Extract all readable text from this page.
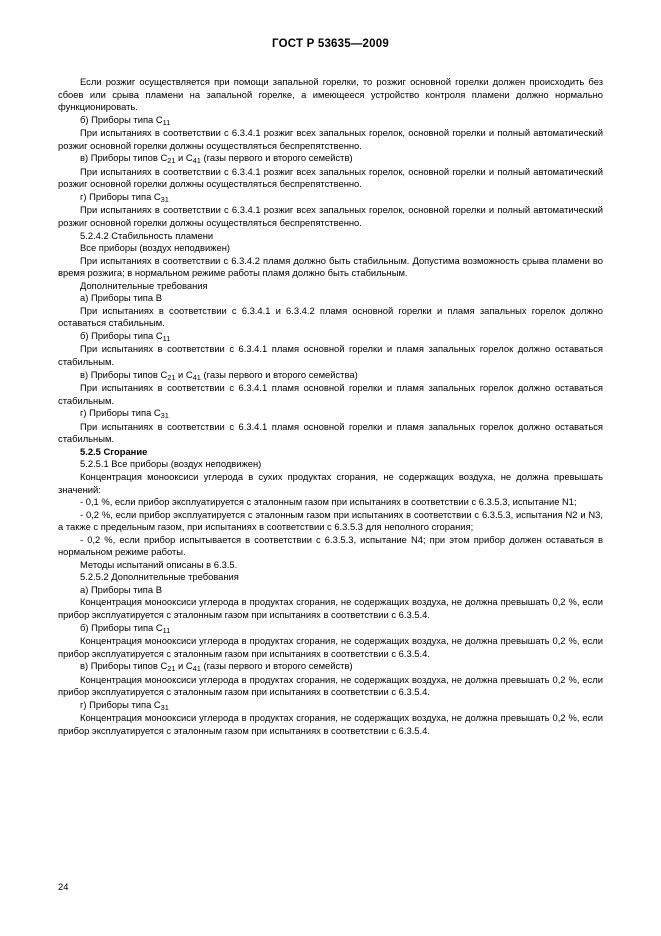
ГОСТ Р 53635—2009
Если розжиг осуществляется при помощи запальной горелки, то розжиг основной горелки должен происходить без сбоев или срыва пламени на запальной горелке, а имеющееся устройство контроля пламени должно нормально функционировать.
б) Приборы типа $C_{11}$
При испытаниях в соответствии с 6.3.4.1 розжиг всех запальных горелок, основной горелки и полный автоматический розжиг основной горелки должны осуществляться беспрепятственно.
в) Приборы типов $C_{21}$ и $C_{41}$ (газы первого и второго семейств)
При испытаниях в соответствии с 6.3.4.1 розжиг всех запальных горелок, основной горелки и полный автоматический розжиг основной горелки должны осуществляться беспрепятственно.
г) Приборы типа $C_{31}$
При испытаниях в соответствии с 6.3.4.1 розжиг всех запальных горелок, основной горелки и полный автоматический розжиг основной горелки должны осуществляться беспрепятственно.
5.2.4.2 Стабильность пламени
Все приборы (воздух неподвижен)
При испытаниях в соответствии с 6.3.4.2 пламя должно быть стабильным. Допустима возможность срыва пламени во время розжига; в нормальном режиме работы пламя должно быть стабильным.
Дополнительные требования
а) Приборы типа B
При испытаниях в соответствии с 6.3.4.1 и 6.3.4.2 пламя основной горелки и пламя запальных горелок должно оставаться стабильным.
б) Приборы типа $C_{11}$
При испытаниях в соответствии с 6.3.4.1 пламя основной горелки и пламя запальных горелок должно оставаться стабильным.
в) Приборы типов $C_{21}$ и $C_{41}$ (газы первого и второго семейства)
При испытаниях в соответствии с 6.3.4.1 пламя основной горелки и пламя запальных горелок должно оставаться стабильным.
г) Приборы типа $C_{31}$
При испытаниях в соответствии с 6.3.4.1 пламя основной горелки и пламя запальных горелок должно оставаться стабильным.
5.2.5 Сгорание
5.2.5.1 Все приборы (воздух неподвижен)
Концентрация монооксиси углерода в сухих продуктах сгорания, не содержащих воздуха, не должна превышать значений:
- 0,1 %, если прибор эксплуатируется с эталонным газом при испытаниях в соответствии с 6.3.5.3, испытание N1;
- 0,2 %, если прибор эксплуатируется с эталонным газом при испытаниях в соответствии с 6.3.5.3, испытания N2 и N3, а также с предельным газом, при испытаниях в соответствии с 6.3.5.3 для неполного сгорания;
- 0,2 %, если прибор испытывается в соответствии с 6.3.5.3, испытание N4; при этом прибор должен оставаться в нормальном режиме работы.
Методы испытаний описаны в 6.3.5.
5.2.5.2 Дополнительные требования
а) Приборы типа B
Концентрация монооксиси углерода в продуктах сгорания, не содержащих воздуха, не должна превышать 0,2 %, если прибор эксплуатируется с эталонным газом при испытаниях в соответствии с 6.3.5.4.
б) Приборы типа $C_{11}$
Концентрация монооксиси углерода в продуктах сгорания, не содержащих воздуха, не должна превышать 0,2 %, если прибор эксплуатируется с эталонным газом при испытаниях в соответствии с 6.3.5.4.
в) Приборы типов $C_{21}$ и $C_{41}$ (газы первого и второго семейств)
Концентрация монооксиси углерода в продуктах сгорания, не содержащих воздуха, не должна превышать 0,2 %, если прибор эксплуатируется с эталонным газом при испытаниях в соответствии с 6.3.5.4.
г) Приборы типа $C_{31}$
Концентрация монооксиси углерода в продуктах сгорания, не содержащих воздуха, не должна превышать 0,2 %, если прибор эксплуатируется с эталонным газом при испытаниях в соответствии с 6.3.5.4.
24
